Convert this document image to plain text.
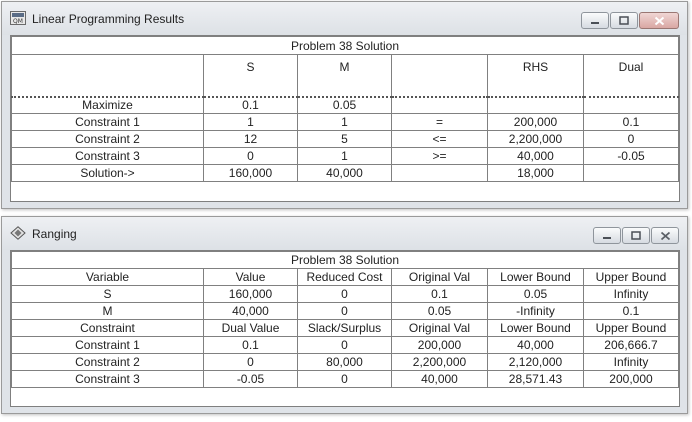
QM Linear Programming Results
Problem 38 Solution					
	S	M		RHS	Dual
Maximize	0.1	0.05			
Constraint 1	1	1	=	200,000	0.1
Constraint 2	12	5	<=	2,200,000	0
Constraint 3	0	1	>=	40,000	-0.05
Solution->	160,000	40,000		18,000	
Ranging
Problem 38 Solution					
Variable	Value	Reduced Cost	Original Val	Lower Bound	Upper Bound
S	160,000	0	0.1	0.05	Infinity
M	40,000	0	0.05	-Infinity	0.1
Constraint	Dual Value	Slack/Surplus	Original Val	Lower Bound	Upper Bound
Constraint 1	0.1	0	200,000	40,000	206,666.7
Constraint 2	0	80,000	2,200,000	2,120,000	Infinity
Constraint 3	-0.05	0	40,000	28,571.43	200,000
